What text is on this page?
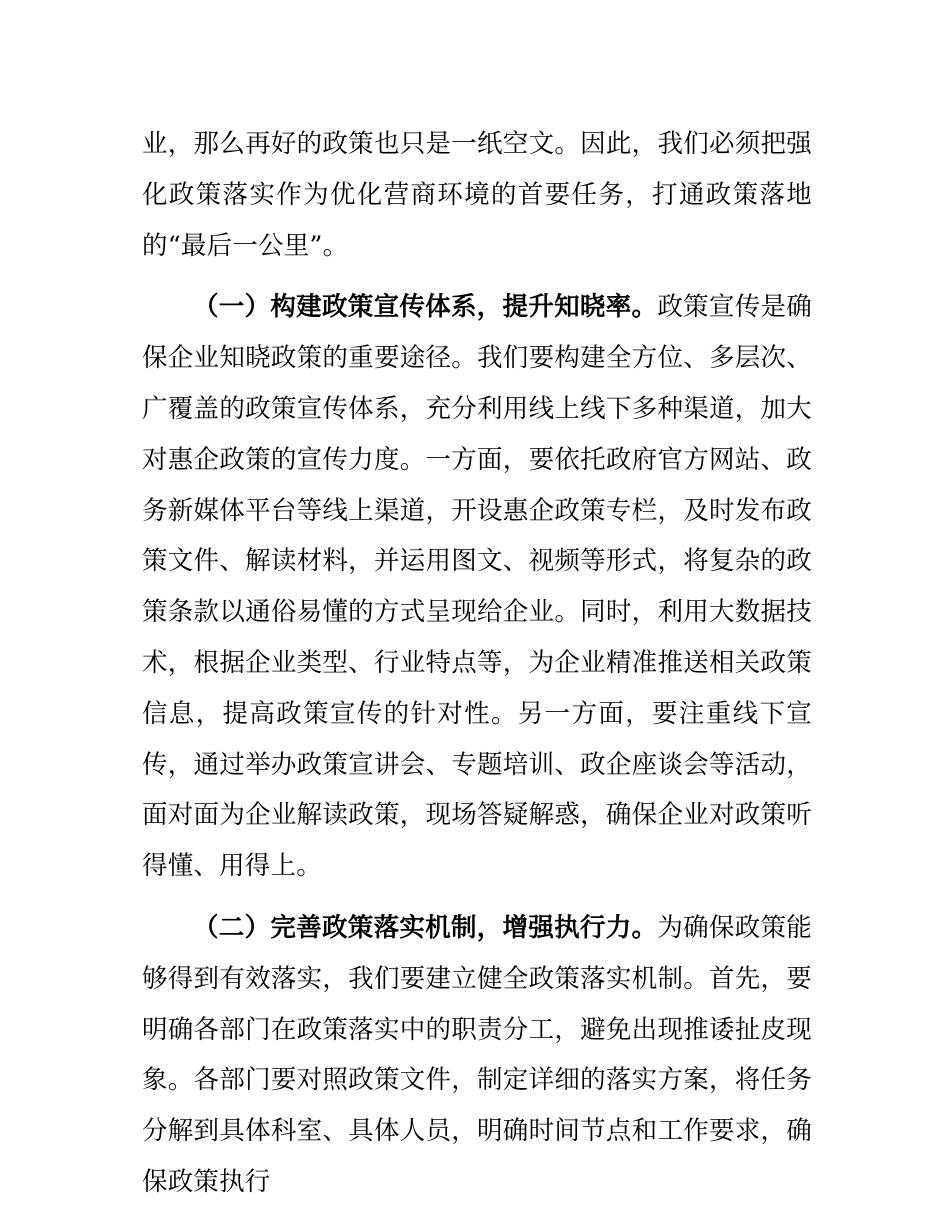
业，那么再好的政策也只是一纸空文。因此，我们必须把强化政策落实作为优化营商环境的首要任务，打通政策落地的“最后一公里”。

（一）构建政策宣传体系，提升知晓率。政策宣传是确保企业知晓政策的重要途径。我们要构建全方位、多层次、广覆盖的政策宣传体系，充分利用线上线下多种渠道，加大对惠企政策的宣传力度。一方面，要依托政府官方网站、政务新媒体平台等线上渠道，开设惠企政策专栏，及时发布政策文件、解读材料，并运用图文、视频等形式，将复杂的政策条款以通俗易懂的方式呈现给企业。同时，利用大数据技术，根据企业类型、行业特点等，为企业精准推送相关政策信息，提高政策宣传的针对性。另一方面，要注重线下宣传，通过举办政策宣讲会、专题培训、政企座谈会等活动，面对面为企业解读政策，现场答疑解惑，确保企业对政策听得懂、用得上。

（二）完善政策落实机制，增强执行力。为确保政策能够得到有效落实，我们要建立健全政策落实机制。首先，要明确各部门在政策落实中的职责分工，避免出现推诿扯皮现象。各部门要对照政策文件，制定详细的落实方案，将任务分解到具体科室、具体人员，明确时间节点和工作要求，确保政策执行
